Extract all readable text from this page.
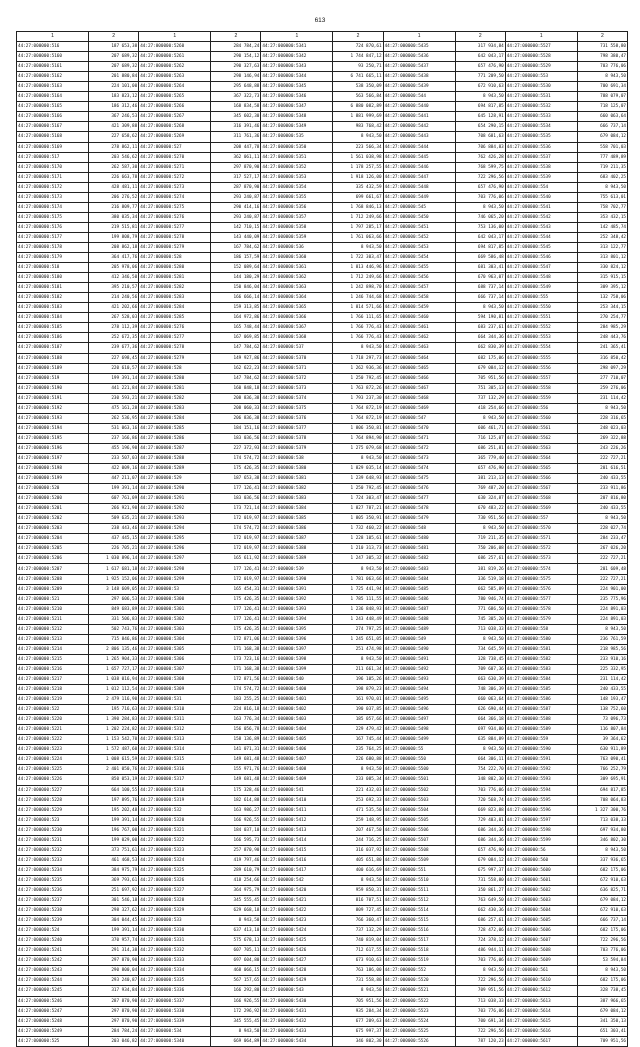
613
1	2	1	2	1	2	1	2	1	2
44:27:000000:516	187 653,38	44:27:000000:5260	284 784,24	44:27:000000:5341	724 870,61	44:27:000000:5435	317 934,84	44:27:000000:5527	731 558,80
44:27:000000:5160	207 689,32	44:27:000000:5261	290 154,12	44:27:000000:5342	1 744 847,12	44:27:000000:5436	642 043,17	44:27:000000:5528	798 380,47
44:27:000000:5161	207 689,32	44:27:000000:5262	290 327,63	44:27:000000:5343	93 250,71	44:27:000000:5437	657 476,90	44:27:000000:5529	703 776,06
44:27:000000:5162	201 880,84	44:27:000000:5263	298 146,94	44:27:000000:5344	6 741 665,11	44:27:000000:5438	771 209,50	44:27:000000:553	8 943,50
44:27:000000:5163	224 101,00	44:27:000000:5264	295 648,88	44:27:000000:5345	538 350,09	44:27:000000:5439	672 910,63	44:27:000000:5530	700 691,34
44:27:000000:5164	183 823,12	44:27:000000:5265	367 322,73	44:27:000000:5346	563 566,84	44:27:000000:544	8 943,50	44:27:000000:5531	788 079,07
44:27:000000:5165	186 312,46	44:27:000000:5266	168 834,58	44:27:000000:5347	6 880 082,89	44:27:000000:5440	694 817,85	44:27:000000:5532	718 125,07
44:27:000000:5166	367 246,53	44:27:000000:5267	345 602,30	44:27:000000:5348	1 881 999,69	44:27:000000:5441	645 128,91	44:27:000000:5533	660 063,64
44:27:000000:5167	421 309,88	44:27:000000:5268	316 391,46	44:27:000000:5349	983 768,42	44:27:000000:5442	654 290,15	44:27:000000:5534	666 737,14
44:27:000000:5168	227 658,62	44:27:000000:5269	311 761,36	44:27:000000:535	8 943,50	44:27:000000:5443	708 681,63	44:27:000000:5535	679 084,12
44:27:000000:5169	278 862,11	44:27:000000:527	208 447,78	44:27:000000:5350	223 566,34	44:27:000000:5444	706 884,83	44:27:000000:5536	558 701,03
44:27:000000:517	203 546,62	44:27:000000:5270	362 061,11	44:27:000000:5351	1 561 038,98	44:27:000000:5445	762 426,28	44:27:000000:5537	777 489,89
44:27:000000:5170	262 587,30	44:27:000000:5271	297 870,90	44:27:000000:5352	1 178 257,55	44:27:000000:5446	768 599,75	44:27:000000:5538	719 211,35
44:27:000000:5171	226 663,78	44:27:000000:5272	317 527,17	44:27:000000:5353	1 918 126,00	44:27:000000:5447	722 296,56	44:27:000000:5539	683 402,25
44:27:000000:5172	428 481,11	44:27:000000:5273	287 870,90	44:27:000000:5354	335 432,59	44:27:000000:5448	657 476,90	44:27:000000:554	8 943,50
44:27:000000:5173	206 276,52	44:27:000000:5274	293 240,87	44:27:000000:5355	699 661,67	44:27:000000:5449	703 776,06	44:27:000000:5540	755 613,01
44:27:000000:5174	216 809,77	44:27:000000:5275	290 414,16	44:27:000000:5356	1 768 846,13	44:27:000000:545	8 943,50	44:27:000000:5541	758 702,77
44:27:000000:5175	380 035,34	44:27:000000:5276	293 240,87	44:27:000000:5357	1 712 249,66	44:27:000000:5450	746 065,20	44:27:000000:5542	353 432,15
44:27:000000:5176	219 515,81	44:27:000000:5277	142 710,15	44:27:000000:5358	1 797 285,17	44:27:000000:5451	753 136,00	44:27:000000:5543	142 485,74
44:27:000000:5177	199 808,79	44:27:000000:5278	143 440,09	44:27:000000:5359	1 761 063,66	44:27:000000:5452	642 043,17	44:27:000000:5544	252 348,42
44:27:000000:5178	208 862,18	44:27:000000:5279	167 784,62	44:27:000000:536	8 943,50	44:27:000000:5453	694 817,85	44:27:000000:5545	313 122,77
44:27:000000:5179	364 417,76	44:27:000000:528	186 157,59	44:27:000000:5360	1 722 303,47	44:27:000000:5454	669 586,48	44:27:000000:5546	313 801,12
44:27:000000:518	205 978,06	44:27:000000:5280	152 089,64	44:27:000000:5361	1 813 446,96	44:27:000000:5455	681 303,41	44:27:000000:5547	330 824,12
44:27:000000:5180	412 346,50	44:27:000000:5281	144 180,29	44:27:000000:5362	1 712 249,66	44:27:000000:5456	670 963,07	44:27:000000:5548	315 915,15
44:27:000000:5181	395 210,57	44:27:000000:5282	150 846,04	44:27:000000:5363	1 242 898,70	44:27:000000:5457	688 737,14	44:27:000000:5549	309 395,12
44:27:000000:5182	214 240,56	44:27:000000:5283	166 666,14	44:27:000000:5364	1 246 744,68	44:27:000000:5458	666 737,14	44:27:000000:555	132 758,06
44:27:000000:5183	421 202,66	44:27:000000:5284	159 313,85	44:27:000000:5365	1 814 571,66	44:27:000000:5459	8 943,50	44:27:000000:5550	253 344,15
44:27:000000:5184	267 528,03	44:27:000000:5285	164 972,86	44:27:000000:5366	1 766 111,65	44:27:000000:5460	594 190,81	44:27:000000:5551	270 254,77
44:27:000000:5185	278 112,39	44:27:000000:5276	165 748,44	44:27:000000:5367	1 766 776,43	44:27:000000:5461	683 237,61	44:27:000000:5552	284 985,29
44:27:000000:5186	252 672,35	44:27:000000:5277	167 069,85	44:27:000000:5368	1 766 776,43	44:27:000000:5462	664 344,36	44:27:000000:5553	248 443,76
44:27:000000:5187	239 677,36	44:27:000000:5278	147 784,62	44:27:000000:537	8 943,50	44:27:000000:5463	662 830,39	44:27:000000:5554	241 365,41
44:27:000000:5188	227 698,45	44:27:000000:5279	149 927,86	44:27:000000:5370	1 718 297,73	44:27:000000:5464	682 175,06	44:27:000000:5555	316 850,42
44:27:000000:5189	220 610,57	44:27:000000:528	162 622,23	44:27:000000:5371	1 262 936,36	44:27:000000:5465	679 084,12	44:27:000000:5556	298 097,29
44:27:000000:519	199 391,14	44:27:000000:5280	147 784,62	44:27:000000:5372	1 250 792,45	44:27:000000:5466	705 951,56	44:27:000000:5557	277 710,07
44:27:000000:5190	441 221,84	44:27:000000:5281	160 848,18	44:27:000000:5373	1 763 872,26	44:27:000000:5467	751 305,13	44:27:000000:5558	259 276,06
44:27:000000:5191	230 593,21	44:27:000000:5282	208 836,38	44:27:000000:5374	1 793 237,30	44:27:000000:5468	737 132,29	44:27:000000:5559	231 114,42
44:27:000000:5192	475 161,28	44:27:000000:5283	208 060,33	44:27:000000:5375	1 764 872,19	44:27:000000:5469	418 254,66	44:27:000000:556	8 943,50
44:27:000000:5193	262 536,95	44:27:000000:5284	206 836,38	44:27:000000:5376	1 764 872,19	44:27:000000:547	8 943,50	44:27:000000:5560	228 316,65
44:27:000000:5194	531 063,16	44:27:000000:5285	184 151,16	44:27:000000:5377	1 806 350,81	44:27:000000:5470	606 461,71	44:27:000000:5561	248 023,03
44:27:000000:5195	237 166,86	44:27:000000:5286	183 036,56	44:27:000000:5378	1 764 894,90	44:27:000000:5471	716 125,07	44:27:000000:5562	269 322,88
44:27:000000:5196	455 196,90	44:27:000000:5287	227 372,93	44:27:000000:5379	1 275 079,68	44:27:000000:5472	686 251,81	44:27:000000:5563	243 226,26
44:27:000000:5197	233 507,03	44:27:000000:5288	174 574,72	44:27:000000:538	8 943,50	44:27:000000:5473	365 779,40	44:27:000000:5564	222 727,21
44:27:000000:5198	422 009,16	44:27:000000:5289	175 426,35	44:27:000000:5380	1 829 035,14	44:27:000000:5474	657 476,90	44:27:000000:5565	201 616,51
44:27:000000:5199	447 211,07	44:27:000000:529	187 653,38	44:27:000000:5381	1 239 648,93	44:27:000000:5475	381 213,13	44:27:000000:5566	240 433,55
44:27:000000:520	199 391,14	44:27:000000:5290	177 126,41	44:27:000000:5382	1 250 792,45	44:27:000000:5476	769 487,20	44:27:000000:5567	233 911,86
44:27:000000:5200	607 761,09	44:27:000000:5291	183 036,56	44:27:000000:5383	1 724 303,47	44:27:000000:5477	630 324,87	44:27:000000:5568	207 816,80
44:27:000000:5201	266 921,90	44:27:000000:5292	173 721,14	44:27:000000:5384	1 827 787,21	44:27:000000:5478	670 483,22	44:27:000000:5569	240 433,55
44:27:000000:5202	509 635,21	44:27:000000:5293	172 019,97	44:27:000000:5385	1 805 350,91	44:27:000000:5479	730 951,56	44:27:000000:557	8 943,50
44:27:000000:5203	238 443,46	44:27:000000:5294	174 574,72	44:27:000000:5386	1 732 460,22	44:27:000000:548	8 943,50	44:27:000000:5570	228 027,74
44:27:000000:5204	437 445,15	44:27:000000:5295	172 019,97	44:27:000000:5387	1 228 105,61	44:27:000000:5480	719 211,35	44:27:000000:5571	284 233,47
44:27:000000:5205	226 705,21	44:27:000000:5296	172 019,97	44:27:000000:5388	1 210 313,73	44:27:000000:5481	750 206,08	44:27:000000:5572	267 026,20
44:27:000000:5206	1 030 896,14	44:27:000000:5297	165 611,92	44:27:000000:5389	1 247 305,32	44:27:000000:5482	686 257,61	44:27:000000:5573	222 727,21
44:27:000000:5207	1 617 681,18	44:27:000000:5298	177 126,41	44:27:000000:539	8 943,50	44:27:000000:5483	381 819,26	44:27:000000:5574	201 609,48
44:27:000000:5208	1 925 152,06	44:27:000000:5299	172 019,97	44:27:000000:5390	1 781 063,66	44:27:000000:5484	336 519,18	44:27:000000:5575	222 727,21
44:27:000000:5209	3 148 609,05	44:27:000000:53	165 454,31	44:27:000000:5391	1 725 441,94	44:27:000000:5485	662 585,89	44:27:000000:5576	224 901,00
44:27:000000:521	297 606,53	44:27:000000:5300	175 426,35	44:27:000000:5392	1 785 111,55	44:27:000000:5486	780 946,74	44:27:000000:5577	235 775,96
44:27:000000:5210	849 683,89	44:27:000000:5301	177 126,41	44:27:000000:5393	1 236 848,93	44:27:000000:5487	771 686,50	44:27:000000:5578	224 891,03
44:27:000000:5211	331 506,83	44:27:000000:5302	177 126,41	44:27:000000:5394	1 243 448,49	44:27:000000:5488	745 305,20	44:27:000000:5579	224 891,03
44:27:000000:5212	502 743,76	44:27:000000:5303	175 426,35	44:27:000000:5395	274 797,25	44:27:000000:5489	713 038,33	44:27:000000:558	8 943,50
44:27:000000:5213	715 846,86	44:27:000000:5304	172 871,06	44:27:000000:5396	1 245 651,05	44:27:000000:549	8 943,50	44:27:000000:5580	236 761,59
44:27:000000:5214	2 806 135,46	44:27:000000:5305	171 168,38	44:27:000000:5397	251 474,98	44:27:000000:5490	734 645,59	44:27:000000:5581	218 985,56
44:27:000000:5215	1 265 904,33	44:27:000000:5306	173 723,16	44:27:000000:5398	8 943,50	44:27:000000:5491	328 738,45	44:27:000000:5582	233 910,16
44:27:000000:5216	1 657 727,17	44:27:000000:5307	171 168,38	44:27:000000:5399	211 661,34	44:27:000000:5492	709 607,36	44:27:000000:5583	225 332,95
44:27:000000:5217	1 038 016,94	44:27:000000:5308	172 871,56	44:27:000000:540	196 105,26	44:27:000000:5493	663 630,39	44:27:000000:5584	231 114,42
44:27:000000:5218	1 012 112,54	44:27:000000:5309	174 574,72	44:27:000000:5400	198 879,23	44:27:000000:5494	748 306,39	44:27:000000:5585	240 433,55
44:27:000000:5219	2 479 116,90	44:27:000000:531	183 255,25	44:27:000000:5401	161 970,01	44:27:000000:5495	660 063,64	44:27:000000:5586	148 193,47
44:27:000000:522	195 716,63	44:27:000000:5310	224 816,18	44:27:000000:5402	190 037,85	44:27:000000:5496	626 690,44	44:27:000000:5587	138 752,60
44:27:000000:5220	1 390 284,83	44:27:000000:5311	163 776,34	44:27:000000:5403	185 057,66	44:27:000000:5497	664 366,18	44:27:000000:5588	73 096,73
44:27:000000:5221	1 202 224,82	44:27:000000:5312	156 056,78	44:27:000000:5404	229 479,42	44:27:000000:5498	697 934,80	44:27:000000:5589	116 807,84
44:27:000000:5222	1 153 542,70	44:27:000000:5313	158 136,89	44:27:000000:5405	167 745,44	44:27:000000:5499	635 884,89	44:27:000000:559	39 364,62
44:27:000000:5223	1 572 487,60	44:27:000000:5314	141 071,31	44:27:000000:5406	235 764,25	44:27:000000:55	8 943,50	44:27:000000:5590	630 911,89
44:27:000000:5224	1 008 615,59	44:27:000000:5315	149 681,48	44:27:000000:5407	226 680,88	44:27:000000:550	664 306,11	44:27:000000:5591	763 090,41
44:27:000000:5225	2 401 050,76	44:27:000000:5316	155 971,76	44:27:000000:5408	8 943,50	44:27:000000:5500	754 222,70	44:27:000000:5592	766 252,79
44:27:000000:5226	850 053,19	44:27:000000:5317	149 681,48	44:27:000000:5409	233 085,34	44:27:000000:5501	348 802,30	44:27:000000:5593	309 695,91
44:27:000000:5227	664 100,55	44:27:000000:5318	175 328,46	44:27:000000:541	221 432,03	44:27:000000:5502	703 776,06	44:27:000000:5594	694 817,85
44:27:000000:5228	197 895,76	44:27:000000:5319	182 614,88	44:27:000000:5410	253 692,33	44:27:000000:5503	720 568,74	44:27:000000:5595	708 064,83
44:27:000000:5229	195 202,48	44:27:000000:532	163 986,27	44:27:000000:5411	471 535,50	44:27:000000:5504	669 823,88	44:27:000000:5596	1 327 300,76
44:27:000000:523	199 391,14	44:27:000000:5320	166 926,55	44:27:000000:5412	259 148,95	44:27:000000:5505	729 403,81	44:27:000000:5597	713 038,33
44:27:000000:5230	196 767,00	44:27:000000:5321	184 037,10	44:27:000000:5413	207 467,50	44:27:000000:5506	686 344,36	44:27:000000:5598	697 934,80
44:27:000000:5231	199 029,00	44:27:000000:5322	166 595,73	44:27:000000:5414	244 716,25	44:27:000000:5507	686 344,36	44:27:000000:5599	346 802,30
44:27:000000:5232	373 751,61	44:27:000000:5323	257 870,90	44:27:000000:5415	316 037,92	44:27:000000:5508	657 476,90	44:27:000000:56	8 943,50
44:27:000000:5233	461 468,53	44:27:000000:5324	419 797,46	44:27:000000:5416	405 651,80	44:27:000000:5509	679 084,12	44:27:000000:560	337 936,65
44:27:000000:5234	384 975,79	44:27:000000:5325	289 610,79	44:27:000000:5417	400 616,69	44:27:000000:551	675 997,37	44:27:000000:5600	682 175,06
44:27:000000:5235	369 793,61	44:27:000000:5326	418 254,66	44:27:000000:542	8 943,50	44:27:000000:5510	731 558,80	44:27:000000:5601	672 910,63
44:27:000000:5236	251 697,92	44:27:000000:5327	364 975,79	44:27:000000:5420	959 850,31	44:27:000000:5511	350 861,27	44:27:000000:5602	636 825,71
44:27:000000:5237	301 546,18	44:27:000000:5328	345 555,45	44:27:000000:5421	816 707,51	44:27:000000:5512	763 649,50	44:27:000000:5603	679 084,12
44:27:000000:5238	298 327,62	44:27:000000:5329	629 668,18	44:27:000000:5422	809 727,45	44:27:000000:5514	662 430,36	44:27:000000:5604	672 910,63
44:27:000000:5239	304 044,45	44:27:000000:533	8 943,50	44:27:000000:5423	766 360,47	44:27:000000:5515	686 257,61	44:27:000000:5605	666 737,14
44:27:000000:524	199 391,14	44:27:000000:5330	637 413,10	44:27:000000:5424	737 132,29	44:27:000000:5516	728 472,06	44:27:000000:5606	682 175,06
44:27:000000:5240	370 957,74	44:27:000000:5331	575 678,13	44:27:000000:5425	740 819,04	44:27:000000:5517	724 378,12	44:27:000000:5607	722 296,56
44:27:000000:5241	291 314,38	44:27:000000:5332	607 705,11	44:27:000000:5426	712 617,55	44:27:000000:5518	486 944,11	44:27:000000:5608	703 776,06
44:27:000000:5242	297 870,90	44:27:000000:5333	697 604,80	44:27:000000:5427	673 910,63	44:27:000000:5519	703 776,06	44:27:000000:5609	53 594,84
44:27:000000:5243	290 800,04	44:27:000000:5334	468 066,15	44:27:000000:5428	763 186,00	44:27:000000:552	8 943,50	44:27:000000:561	8 943,50
44:27:000000:5244	293 240,87	44:27:000000:5335	567 157,65	44:27:000000:5429	731 558,80	44:27:000000:5520	722 296,56	44:27:000000:5610	682 175,06
44:27:000000:5245	317 934,84	44:27:000000:5336	166 292,80	44:27:000000:543	8 943,50	44:27:000000:5521	709 951,56	44:27:000000:5612	328 738,45
44:27:000000:5246	287 870,90	44:27:000000:5337	166 926,55	44:27:000000:5430	705 951,56	44:27:000000:5522	713 038,33	44:27:000000:5613	387 966,65
44:27:000000:5247	297 870,90	44:27:000000:5338	172 296,92	44:27:000000:5431	935 284,34	44:27:000000:5523	703 776,06	44:27:000000:5614	679 084,12
44:27:000000:5248	297 870,90	44:27:000000:5339	345 555,45	44:27:000000:5432	677 209,63	44:27:000000:5524	700 691,34	44:27:000000:5615	341 350,13
44:27:000000:5249	284 784,24	44:27:000000:534	8 943,50	44:27:000000:5433	675 997,37	44:27:000000:5525	722 296,56	44:27:000000:5616	651 303,41
44:27:000000:525	203 046,82	44:27:000000:5340	669 064,89	44:27:000000:5434	346 802,30	44:27:000000:5526	787 120,23	44:27:000000:5617	709 951,56
